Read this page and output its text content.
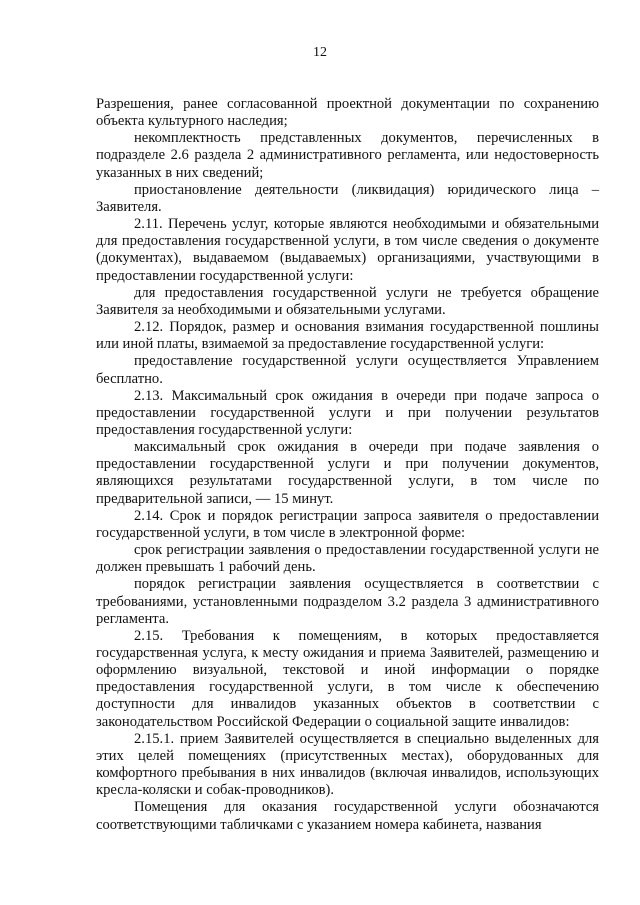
12

Разрешения, ранее согласованной проектной документации по сохранению объекта культурного наследия;

некомплектность представленных документов, перечисленных в подразделе 2.6 раздела 2 административного регламента, или недостоверность указанных в них сведений;

приостановление деятельности (ликвидация) юридического лица – Заявителя.

2.11. Перечень услуг, которые являются необходимыми и обязательными для предоставления государственной услуги, в том числе сведения о документе (документах), выдаваемом (выдаваемых) организациями, участвующими в предоставлении государственной услуги:

для предоставления государственной услуги не требуется обращение Заявителя за необходимыми и обязательными услугами.

2.12. Порядок, размер и основания взимания государственной пошлины или иной платы, взимаемой за предоставление государственной услуги:

предоставление государственной услуги осуществляется Управлением бесплатно.

2.13. Максимальный срок ожидания в очереди при подаче запроса о предоставлении государственной услуги и при получении результатов предоставления государственной услуги:

максимальный срок ожидания в очереди при подаче заявления о предоставлении государственной услуги и при получении документов, являющихся результатами государственной услуги, в том числе по предварительной записи, — 15 минут.

2.14. Срок и порядок регистрации запроса заявителя о предоставлении государственной услуги, в том числе в электронной форме:

срок регистрации заявления о предоставлении государственной услуги не должен превышать 1 рабочий день.

порядок регистрации заявления осуществляется в соответствии с требованиями, установленными подразделом 3.2 раздела 3 административного регламента.

2.15. Требования к помещениям, в которых предоставляется государственная услуга, к месту ожидания и приема Заявителей, размещению и оформлению визуальной, текстовой и иной информации о порядке предоставления государственной услуги, в том числе к обеспечению доступности для инвалидов указанных объектов в соответствии с законодательством Российской Федерации о социальной защите инвалидов:

2.15.1. прием Заявителей осуществляется в специально выделенных для этих целей помещениях (присутственных местах), оборудованных для комфортного пребывания в них инвалидов (включая инвалидов, использующих кресла-коляски и собак-проводников).

Помещения для оказания государственной услуги обозначаются соответствующими табличками с указанием номера кабинета, названия
